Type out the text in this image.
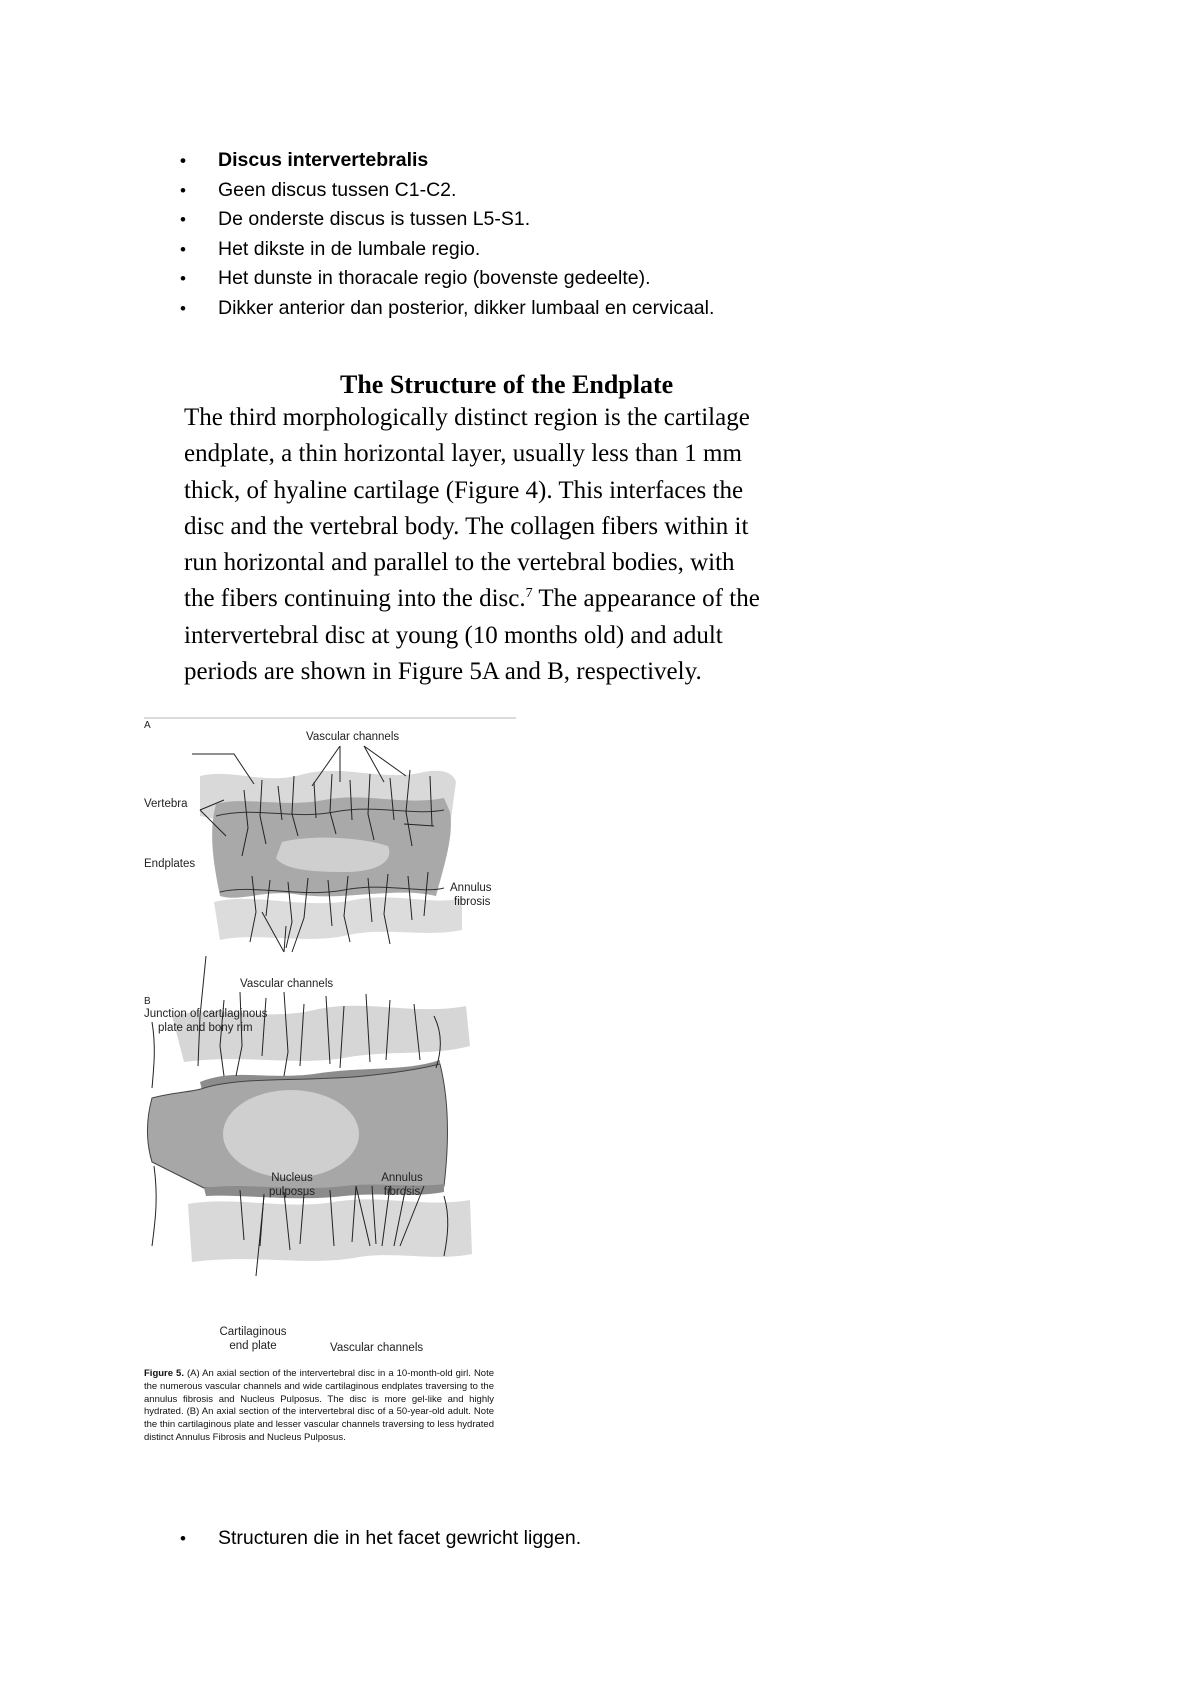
• Discus intervertebralis
• Geen discus tussen C1-C2.
• De onderste discus is tussen L5-S1.
• Het dikste in de lumbale regio.
• Het dunste in thoracale regio (bovenste gedeelte).
• Dikker anterior dan posterior, dikker lumbaal en cervicaal.
The Structure of the Endplate
The third morphologically distinct region is the cartilage
endplate, a thin horizontal layer, usually less than 1 mm
thick, of hyaline cartilage (Figure 4). This interfaces the
disc and the vertebral body. The collagen fibers within it
run horizontal and parallel to the vertebral bodies, with
the fibers continuing into the disc.$^7$ The appearance of the
intervertebral disc at young (10 months old) and adult
periods are shown in Figure 5A and B, respectively.
A
Vascular channels
Vertebra
Endplates
Annulus
fibrosis
Vascular channels
B
Junction of cartilaginous
plate and bony rim
Nucleus
pulposus
Annulus
fibrosis
Cartilaginous
end plate	Vascular channels
Figure 5. (A) An axial section of the intervertebral disc in a 10-month-old girl. Note the numerous vascular channels and wide cartilaginous endplates traversing to the annulus fibrosis and Nucleus Pulposus. The disc is more gel-like and highly hydrated. (B) An axial section of the intervertebral disc of a 50-year-old adult. Note the thin cartilaginous plate and lesser vascular channels traversing to less hydrated distinct Annulus Fibrosis and Nucleus Pulposus.
• Structuren die in het facet gewricht liggen.
